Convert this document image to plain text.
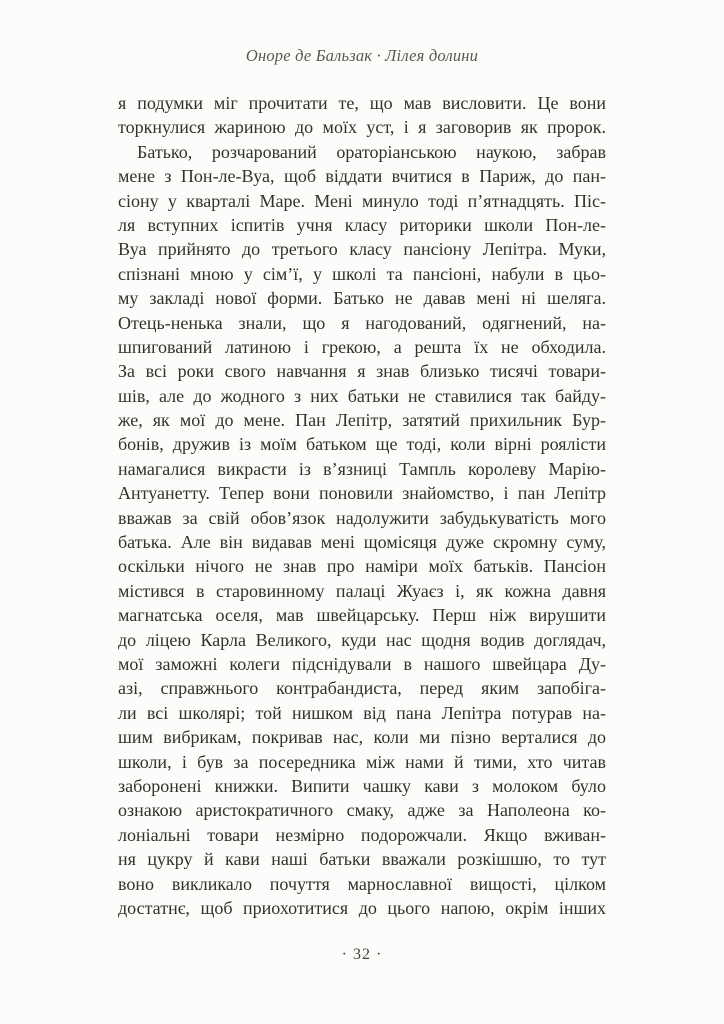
Оноре де Бальзак · Лілея долини
я подумки міг прочитати те, що мав висловити. Це вони
торкнулися жариною до моїх уст, і я заговорив як пророк.
Батько, розчарований ораторіанською наукою, забрав
мене з Пон-ле-Вуа, щоб віддати вчитися в Париж, до пан-
сіону у кварталі Маре. Мені минуло тоді п’ятнадцять. Піс-
ля вступних іспитів учня класу риторики школи Пон-ле-
Вуа прийнято до третього класу пансіону Лепітра. Муки,
спізнані мною у сім’ї, у школі та пансіоні, набули в цьо-
му закладі нової форми. Батько не давав мені ні шеляга.
Отець-ненька знали, що я нагодований, одягнений, на-
шпигований латиною і грекою, а решта їх не обходила.
За всі роки свого навчання я знав близько тисячі товари-
шів, але до жодного з них батьки не ставилися так байду-
же, як мої до мене. Пан Лепітр, затятий прихильник Бур-
бонів, дружив із моїм батьком ще тоді, коли вірні роялісти
намагалися викрасти із в’язниці Тампль королеву Марію-
Антуанетту. Тепер вони поновили знайомство, і пан Лепітр
вважав за свій обов’язок надолужити забудькуватість мого
батька. Але він видавав мені щомісяця дуже скромну суму,
оскільки нічого не знав про наміри моїх батьків. Пансіон
містився в старовинному палаці Жуаєз і, як кожна давня
магнатська оселя, мав швейцарську. Перш ніж вирушити
до ліцею Карла Великого, куди нас щодня водив доглядач,
мої заможні колеги підснідували в нашого швейцара Ду-
азі, справжнього контрабандиста, перед яким запобіга-
ли всі школярі; той нишком від пана Лепітра потурав на-
шим вибрикам, покривав нас, коли ми пізно верталися до
школи, і був за посередника між нами й тими, хто читав
заборонені книжки. Випити чашку кави з молоком було
ознакою аристократичного смаку, адже за Наполеона ко-
лоніальні товари незмірно подорожчали. Якщо вживан-
ня цукру й кави наші батьки вважали розкішшю, то тут
воно викликало почуття марнославної вищості, цілком
достатнє, щоб приохотитися до цього напою, окрім інших
· 32 ·
